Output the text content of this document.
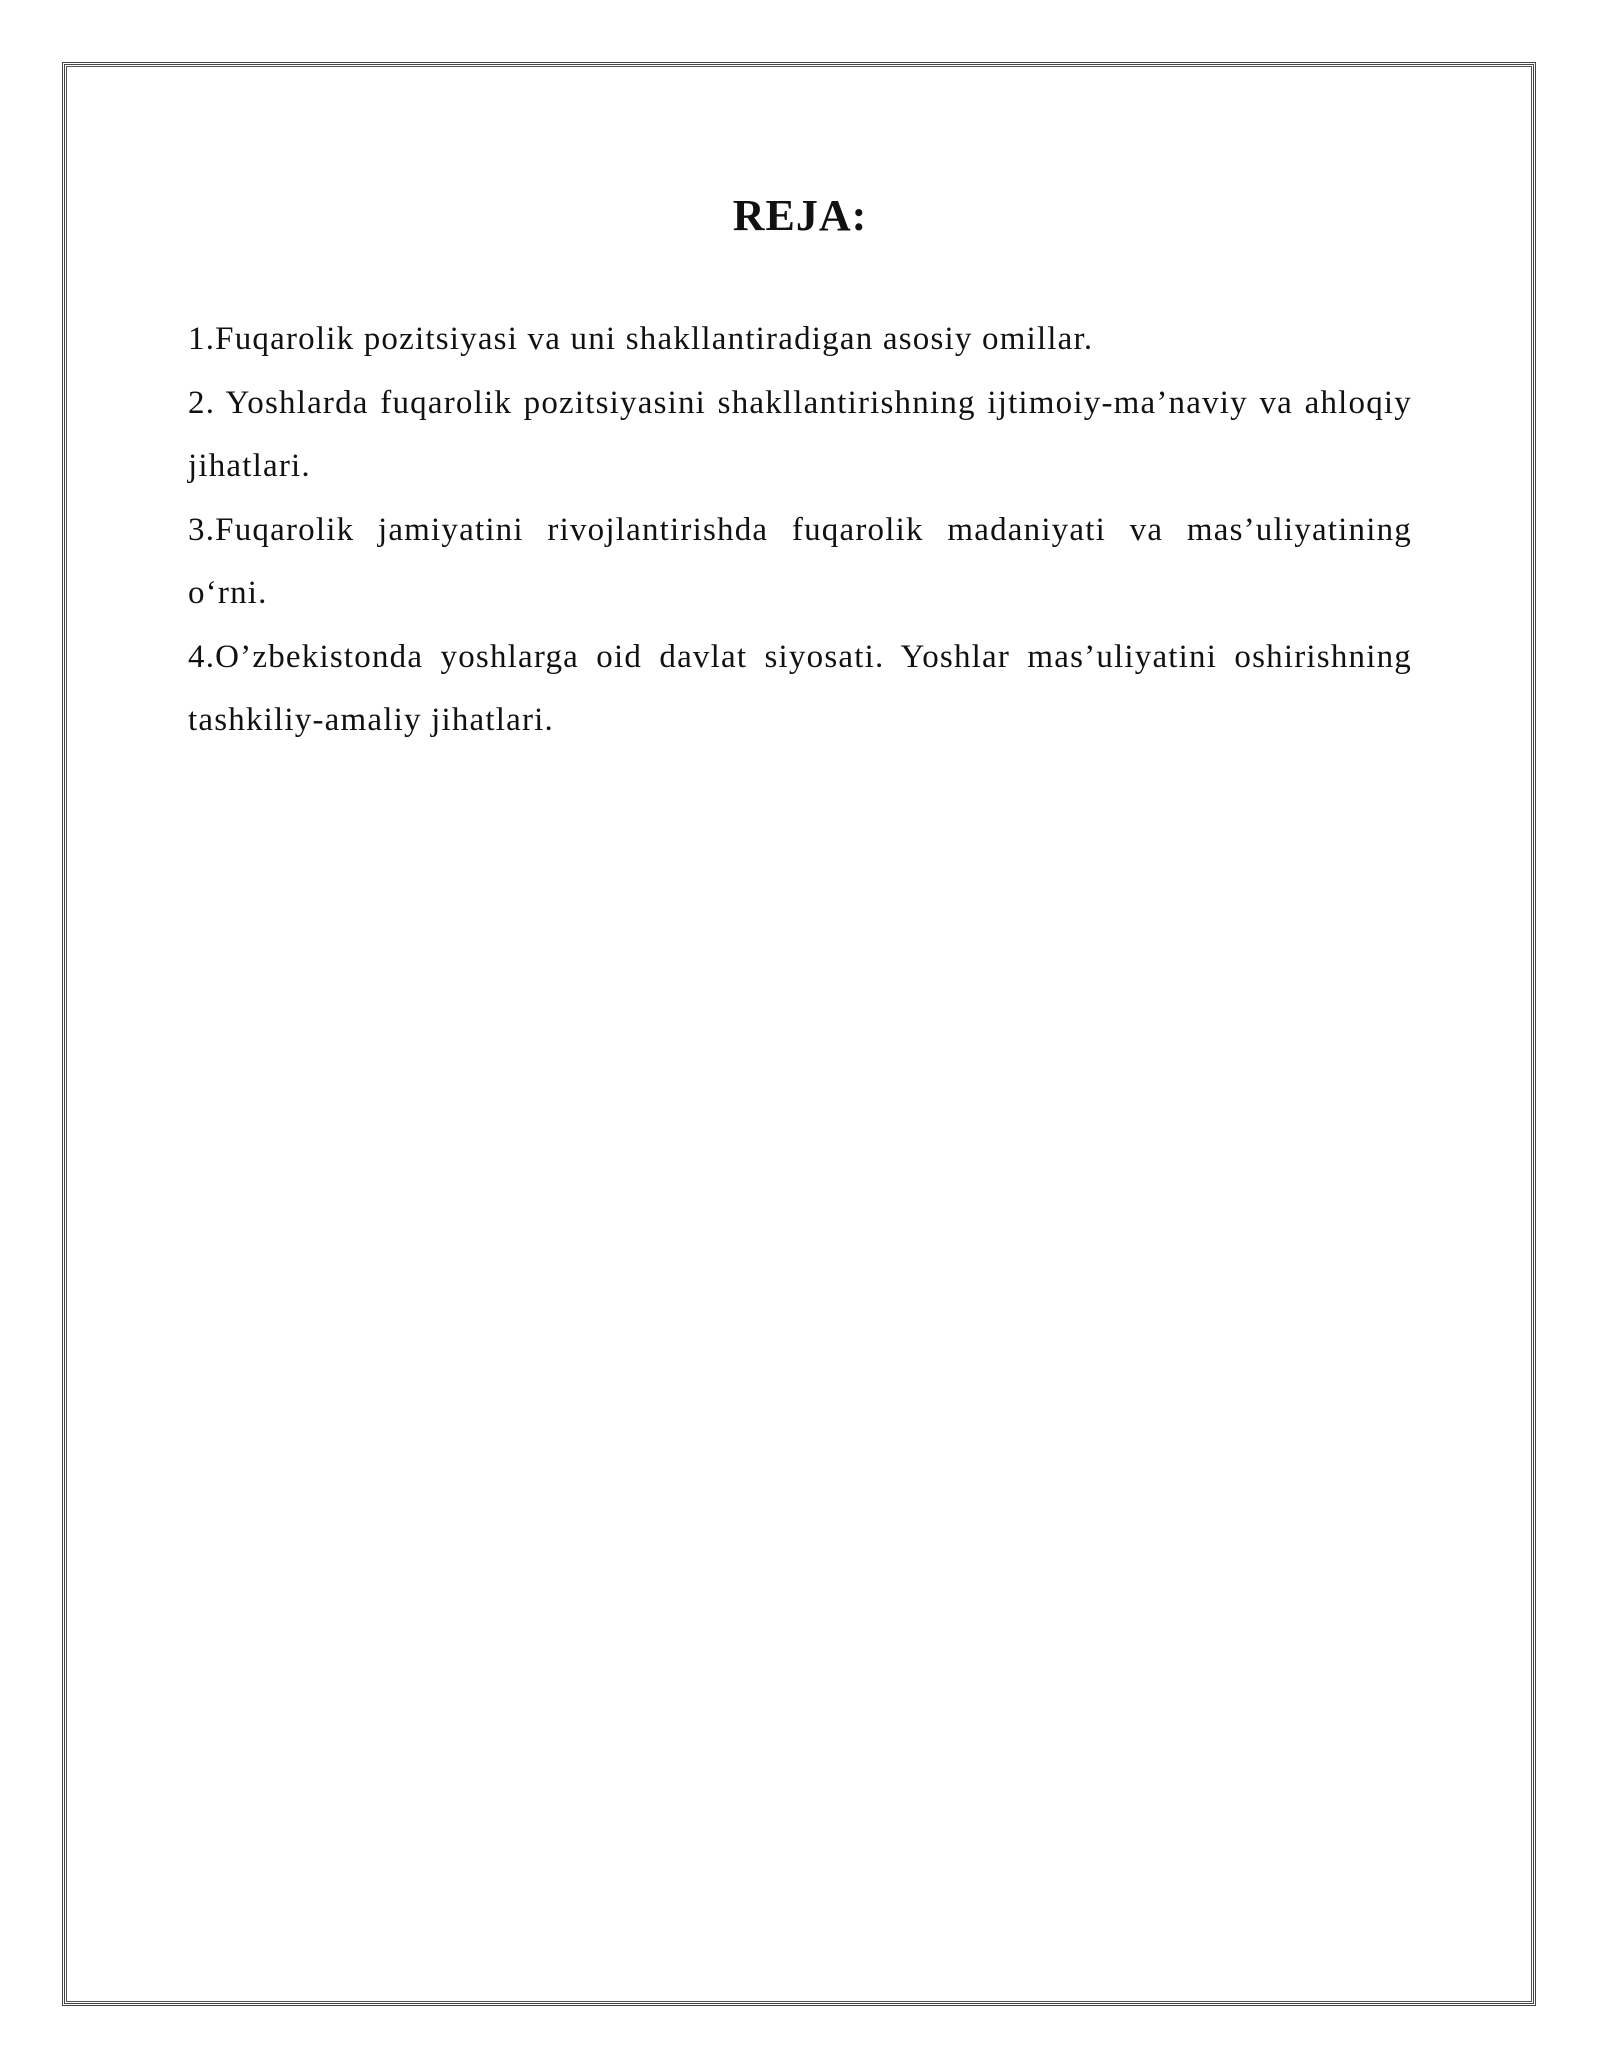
REJA:
1.Fuqarolik pozitsiyasi va uni shakllantiradigan asosiy omillar.
2. Yoshlarda fuqarolik pozitsiyasini shakllantirishning ijtimoiy-ma’naviy va ahloqiy jihatlari.
3.Fuqarolik jamiyatini rivojlantirishda fuqarolik madaniyati va mas’uliyatining o‘rni.
4.O’zbekistonda yoshlarga oid davlat siyosati. Yoshlar mas’uliyatini oshirishning tashkiliy-amaliy jihatlari.
